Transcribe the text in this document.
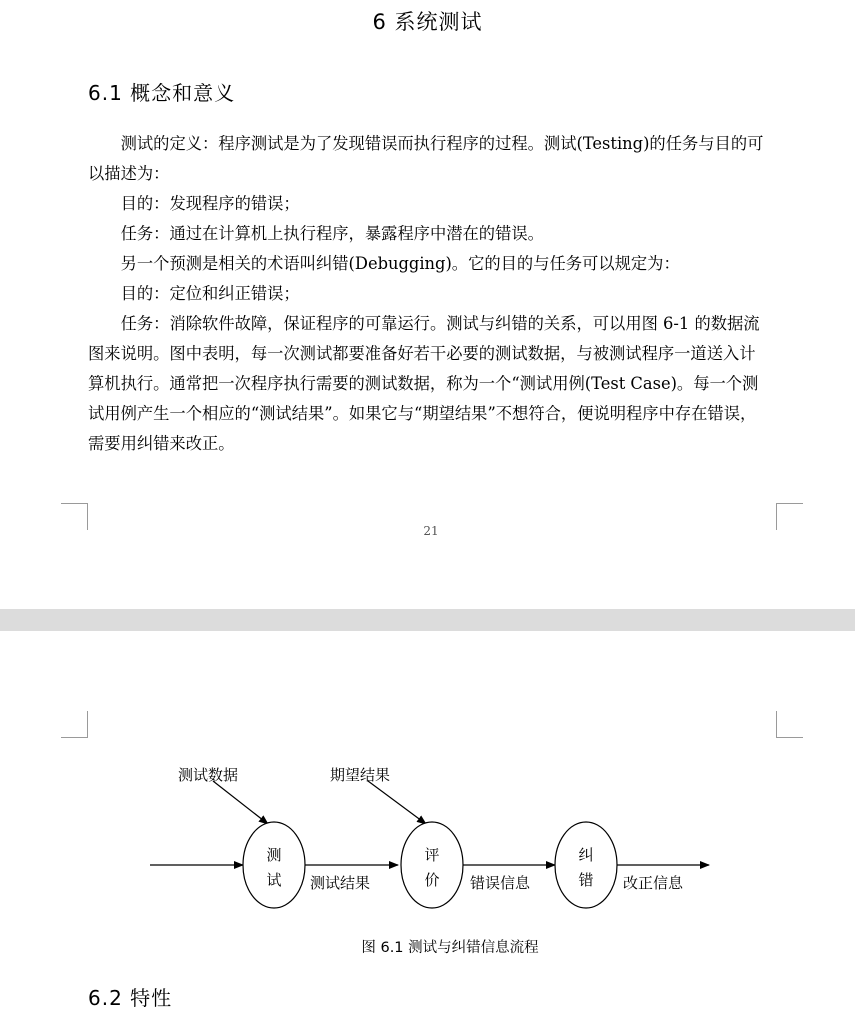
6 系统测试
6.1 概念和意义

测试的定义：程序测试是为了发现错误而执行程序的过程。测试(Testing)的任务与目的可以描述为：

目的：发现程序的错误；

任务：通过在计算机上执行程序，暴露程序中潜在的错误。

另一个预测是相关的术语叫纠错(Debugging)。它的目的与任务可以规定为：

目的：定位和纠正错误；

任务：消除软件故障，保证程序的可靠运行。测试与纠错的关系，可以用图 6-1 的数据流图来说明。图中表明，每一次测试都要准备好若干必要的测试数据，与被测试程序一道送入计算机执行。通常把一次程序执行需要的测试数据，称为一个“测试用例(Test Case)。每一个测试用例产生一个相应的“测试结果”。如果它与“期望结果”不想符合，便说明程序中存在错误，需要用纠错来改正。

21
测
试
评
价
纠
错
测试数据	期望结果
测试结果	错误信息	改正信息
图 6.1 测试与纠错信息流程
6.2 特性
